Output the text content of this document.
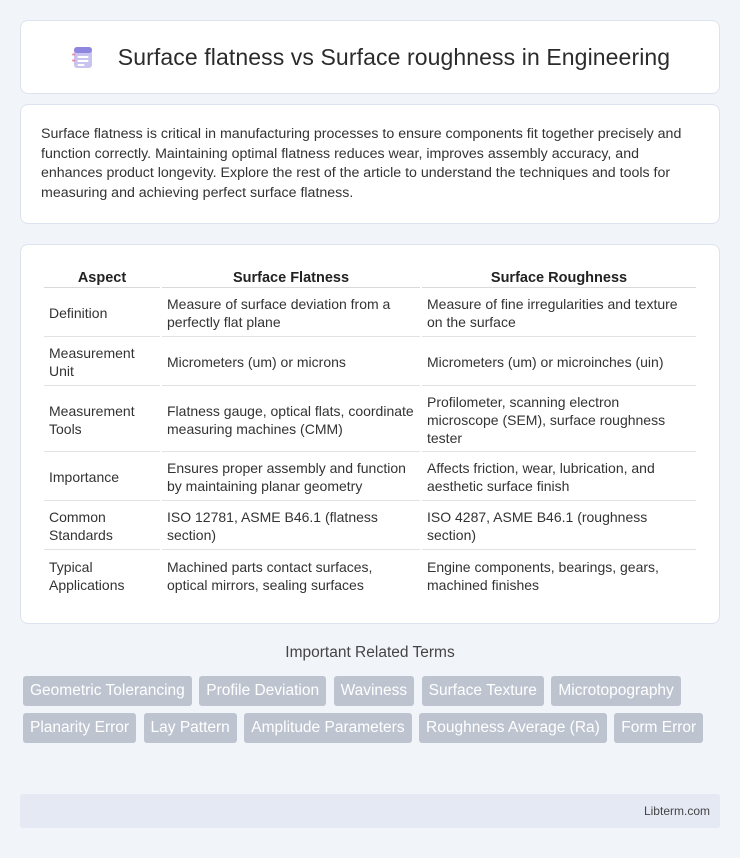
Surface flatness vs Surface roughness in Engineering

Surface flatness is critical in manufacturing processes to ensure components fit together precisely and function correctly. Maintaining optimal flatness reduces wear, improves assembly accuracy, and enhances product longevity. Explore the rest of the article to understand the techniques and tools for measuring and achieving perfect surface flatness.

Aspect	Surface Flatness	Surface Roughness
Definition	Measure of surface deviation from a perfectly flat plane	Measure of fine irregularities and texture on the surface
Measurement Unit	Micrometers (um) or microns	Micrometers (um) or microinches (uin)
Measurement Tools	Flatness gauge, optical flats, coordinate measuring machines (CMM)	Profilometer, scanning electron microscope (SEM), surface roughness tester
Importance	Ensures proper assembly and function by maintaining planar geometry	Affects friction, wear, lubrication, and aesthetic surface finish
Common Standards	ISO 12781, ASME B46.1 (flatness section)	ISO 4287, ASME B46.1 (roughness section)
Typical Applications	Machined parts contact surfaces, optical mirrors, sealing surfaces	Engine components, bearings, gears, machined finishes
Important Related Terms
Geometric Tolerancing Profile Deviation Waviness Surface Texture Microtopography Planarity Error Lay Pattern Amplitude Parameters Roughness Average (Ra) Form Error
Libterm.com
